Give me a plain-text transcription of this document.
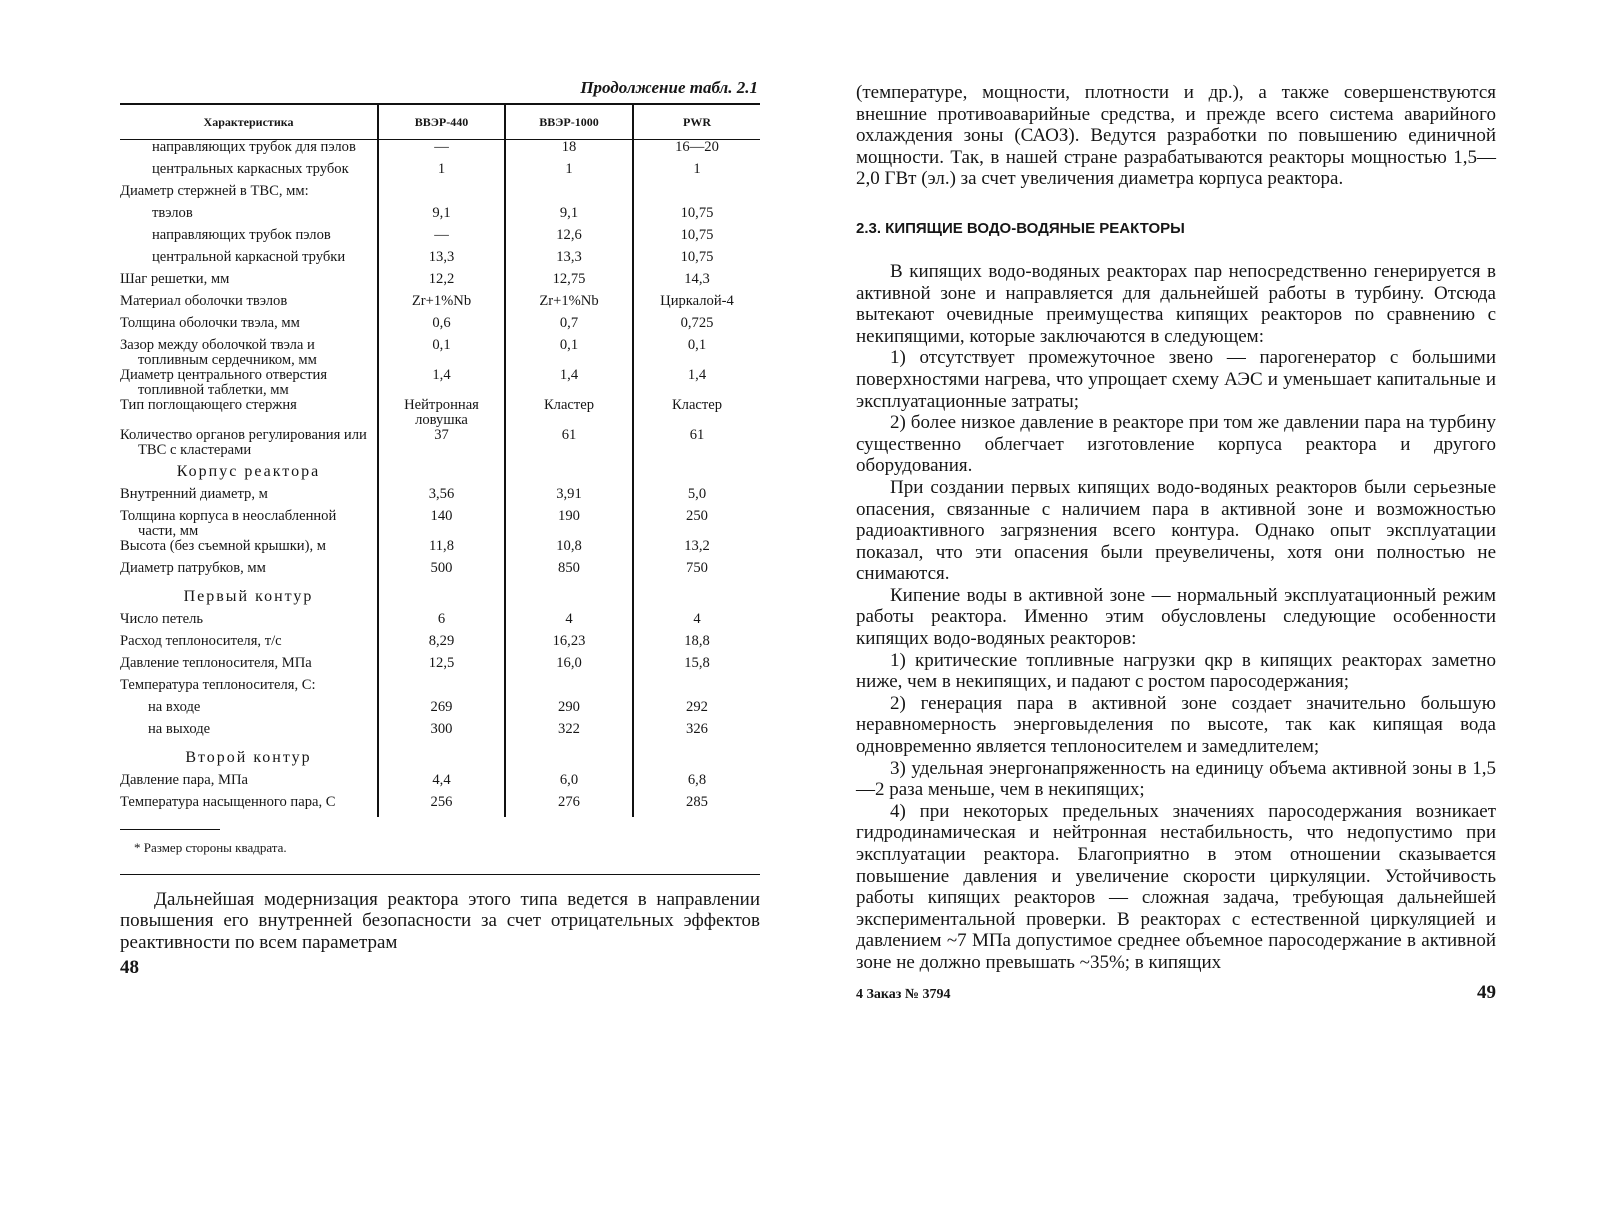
Продолжение табл. 2.1
Характеристика	ВВЭР-440	ВВЭР-1000	PWR

направляющих трубок для пэлов	—	18	16—20

центральных каркасных трубок	1	1	1

Диаметр стержней в ТВС, мм:			

твэлов	9,1	9,1	10,75

направляющих трубок пэлов	—	12,6	10,75

центральной каркасной трубки	13,3	13,3	10,75

Шаг решетки, мм	12,2	12,75	14,3

Материал оболочки твэлов	Zr+1%Nb	Zr+1%Nb	Циркалой-4

Толщина оболочки твэла, мм	0,6	0,7	0,725

Зазор между оболочкой твэла и топливным сердечником, мм	0,1	0,1	0,1

Диаметр центрального отверстия топливной таблетки, мм	1,4	1,4	1,4

Тип поглощающего стержня	Нейтронная ловушка	Кластер	Кластер

Количество органов регулирования или ТВС с кластерами	37	61	61
Корпус реактора			

Внутренний диаметр, м	3,56	3,91	5,0

Толщина корпуса в неослабленной части, мм	140	190	250

Высота (без съемной крышки), м	11,8	10,8	13,2

Диаметр патрубков, мм	500	850	750
Первый контур			

Число петель	6	4	4

Расход теплоносителя, т/с	8,29	16,23	18,8

Давление теплоносителя, МПа	12,5	16,0	15,8

Температура теплоносителя, С:			

на входе	269	290	292

на выходе	300	322	326
Второй контур			

Давление пара, МПа	4,4	6,0	6,8

Температура насыщенного пара, С	256	276	285
* Размер стороны квадрата.

Дальнейшая модернизация реактора этого типа ведется в направлении повышения его внутренней безопасности за счет отрицательных эффектов реактивности по всем параметрам

48

(температуре, мощности, плотности и др.), а также совершенствуются внешние противоаварийные средства, и прежде всего система аварийного охлаждения зоны (САОЗ). Ведутся разработки по повышению единичной мощности. Так, в нашей стране разрабатываются реакторы мощностью 1,5—2,0 ГВт (эл.) за счет увеличения диаметра корпуса реактора.

2.3. КИПЯЩИЕ ВОДО-ВОДЯНЫЕ РЕАКТОРЫ

В кипящих водо-водяных реакторах пар непосредственно генерируется в активной зоне и направляется для дальнейшей работы в турбину. Отсюда вытекают очевидные преимущества кипящих реакторов по сравнению с некипящими, которые заключаются в следующем:

1) отсутствует промежуточное звено — парогенератор с большими поверхностями нагрева, что упрощает схему АЭС и уменьшает капитальные и эксплуатационные затраты;

2) более низкое давление в реакторе при том же давлении пара на турбину существенно облегчает изготовление корпуса реактора и другого оборудования.

При создании первых кипящих водо-водяных реакторов были серьезные опасения, связанные с наличием пара в активной зоне и возможностью радиоактивного загрязнения всего контура. Однако опыт эксплуатации показал, что эти опасения были преувеличены, хотя они полностью не снимаются.

Кипение воды в активной зоне — нормальный эксплуатационный режим работы реактора. Именно этим обусловлены следующие особенности кипящих водо-водяных реакторов:

1) критические топливные нагрузки qкр в кипящих реакторах заметно ниже, чем в некипящих, и падают с ростом паросодержания;

2) генерация пара в активной зоне создает значительно большую неравномерность энерговыделения по высоте, так как кипящая вода одновременно является теплоносителем и замедлителем;

3) удельная энергонапряженность на единицу объема активной зоны в 1,5—2 раза меньше, чем в некипящих;

4) при некоторых предельных значениях паросодержания возникает гидродинамическая и нейтронная нестабильность, что недопустимо при эксплуатации реактора. Благоприятно в этом отношении сказывается повышение давления и увеличение скорости циркуляции. Устойчивость работы кипящих реакторов — сложная задача, требующая дальнейшей экспериментальной проверки. В реакторах с естественной циркуляцией и давлением ~7 МПа допустимое среднее объемное паросодержание в активной зоне не должно превышать ~35%; в кипящих

4 Заказ № 3794	49
